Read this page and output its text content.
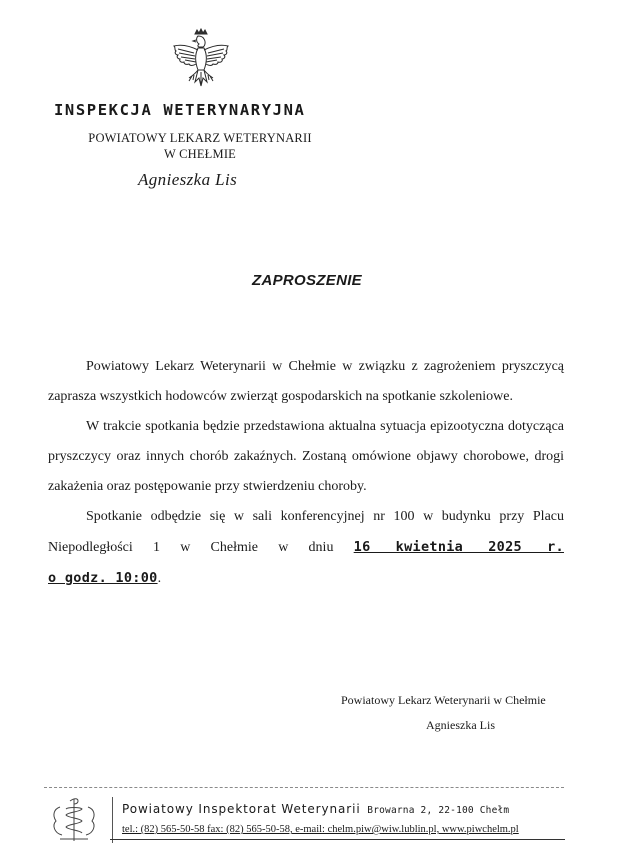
INSPEKCJA WETERYNARYJNA
POWIATOWY LEKARZ WETERYNARII
W CHEŁMIE
Agnieszka Lis
ZAPROSZENIE

Powiatowy Lekarz Weterynarii w Chełmie w związku z zagrożeniem pryszczycą zaprasza wszystkich hodowców zwierząt gospodarskich na spotkanie szkoleniowe.

W trakcie spotkania będzie przedstawiona aktualna sytuacja epizootyczna dotycząca pryszczycy oraz innych chorób zakaźnych. Zostaną omówione objawy chorobowe, drogi zakażenia oraz postępowanie przy stwierdzeniu choroby.

Spotkanie odbędzie się w sali konferencyjnej nr 100 w budynku przy Placu Niepodległości 1 w Chełmie w dniu 16 kwietnia 2025 r.
o godz. 10:00.

Powiatowy Lekarz Weterynarii w Chełmie
Agnieszka Lis
Powiatowy Inspektorat Weterynarii Browarna 2, 22-100 Chełm
tel.: (82) 565-50-58 fax: (82) 565-50-58, e-mail: chelm.piw@wiw.lublin.pl, www.piwchelm.pl
